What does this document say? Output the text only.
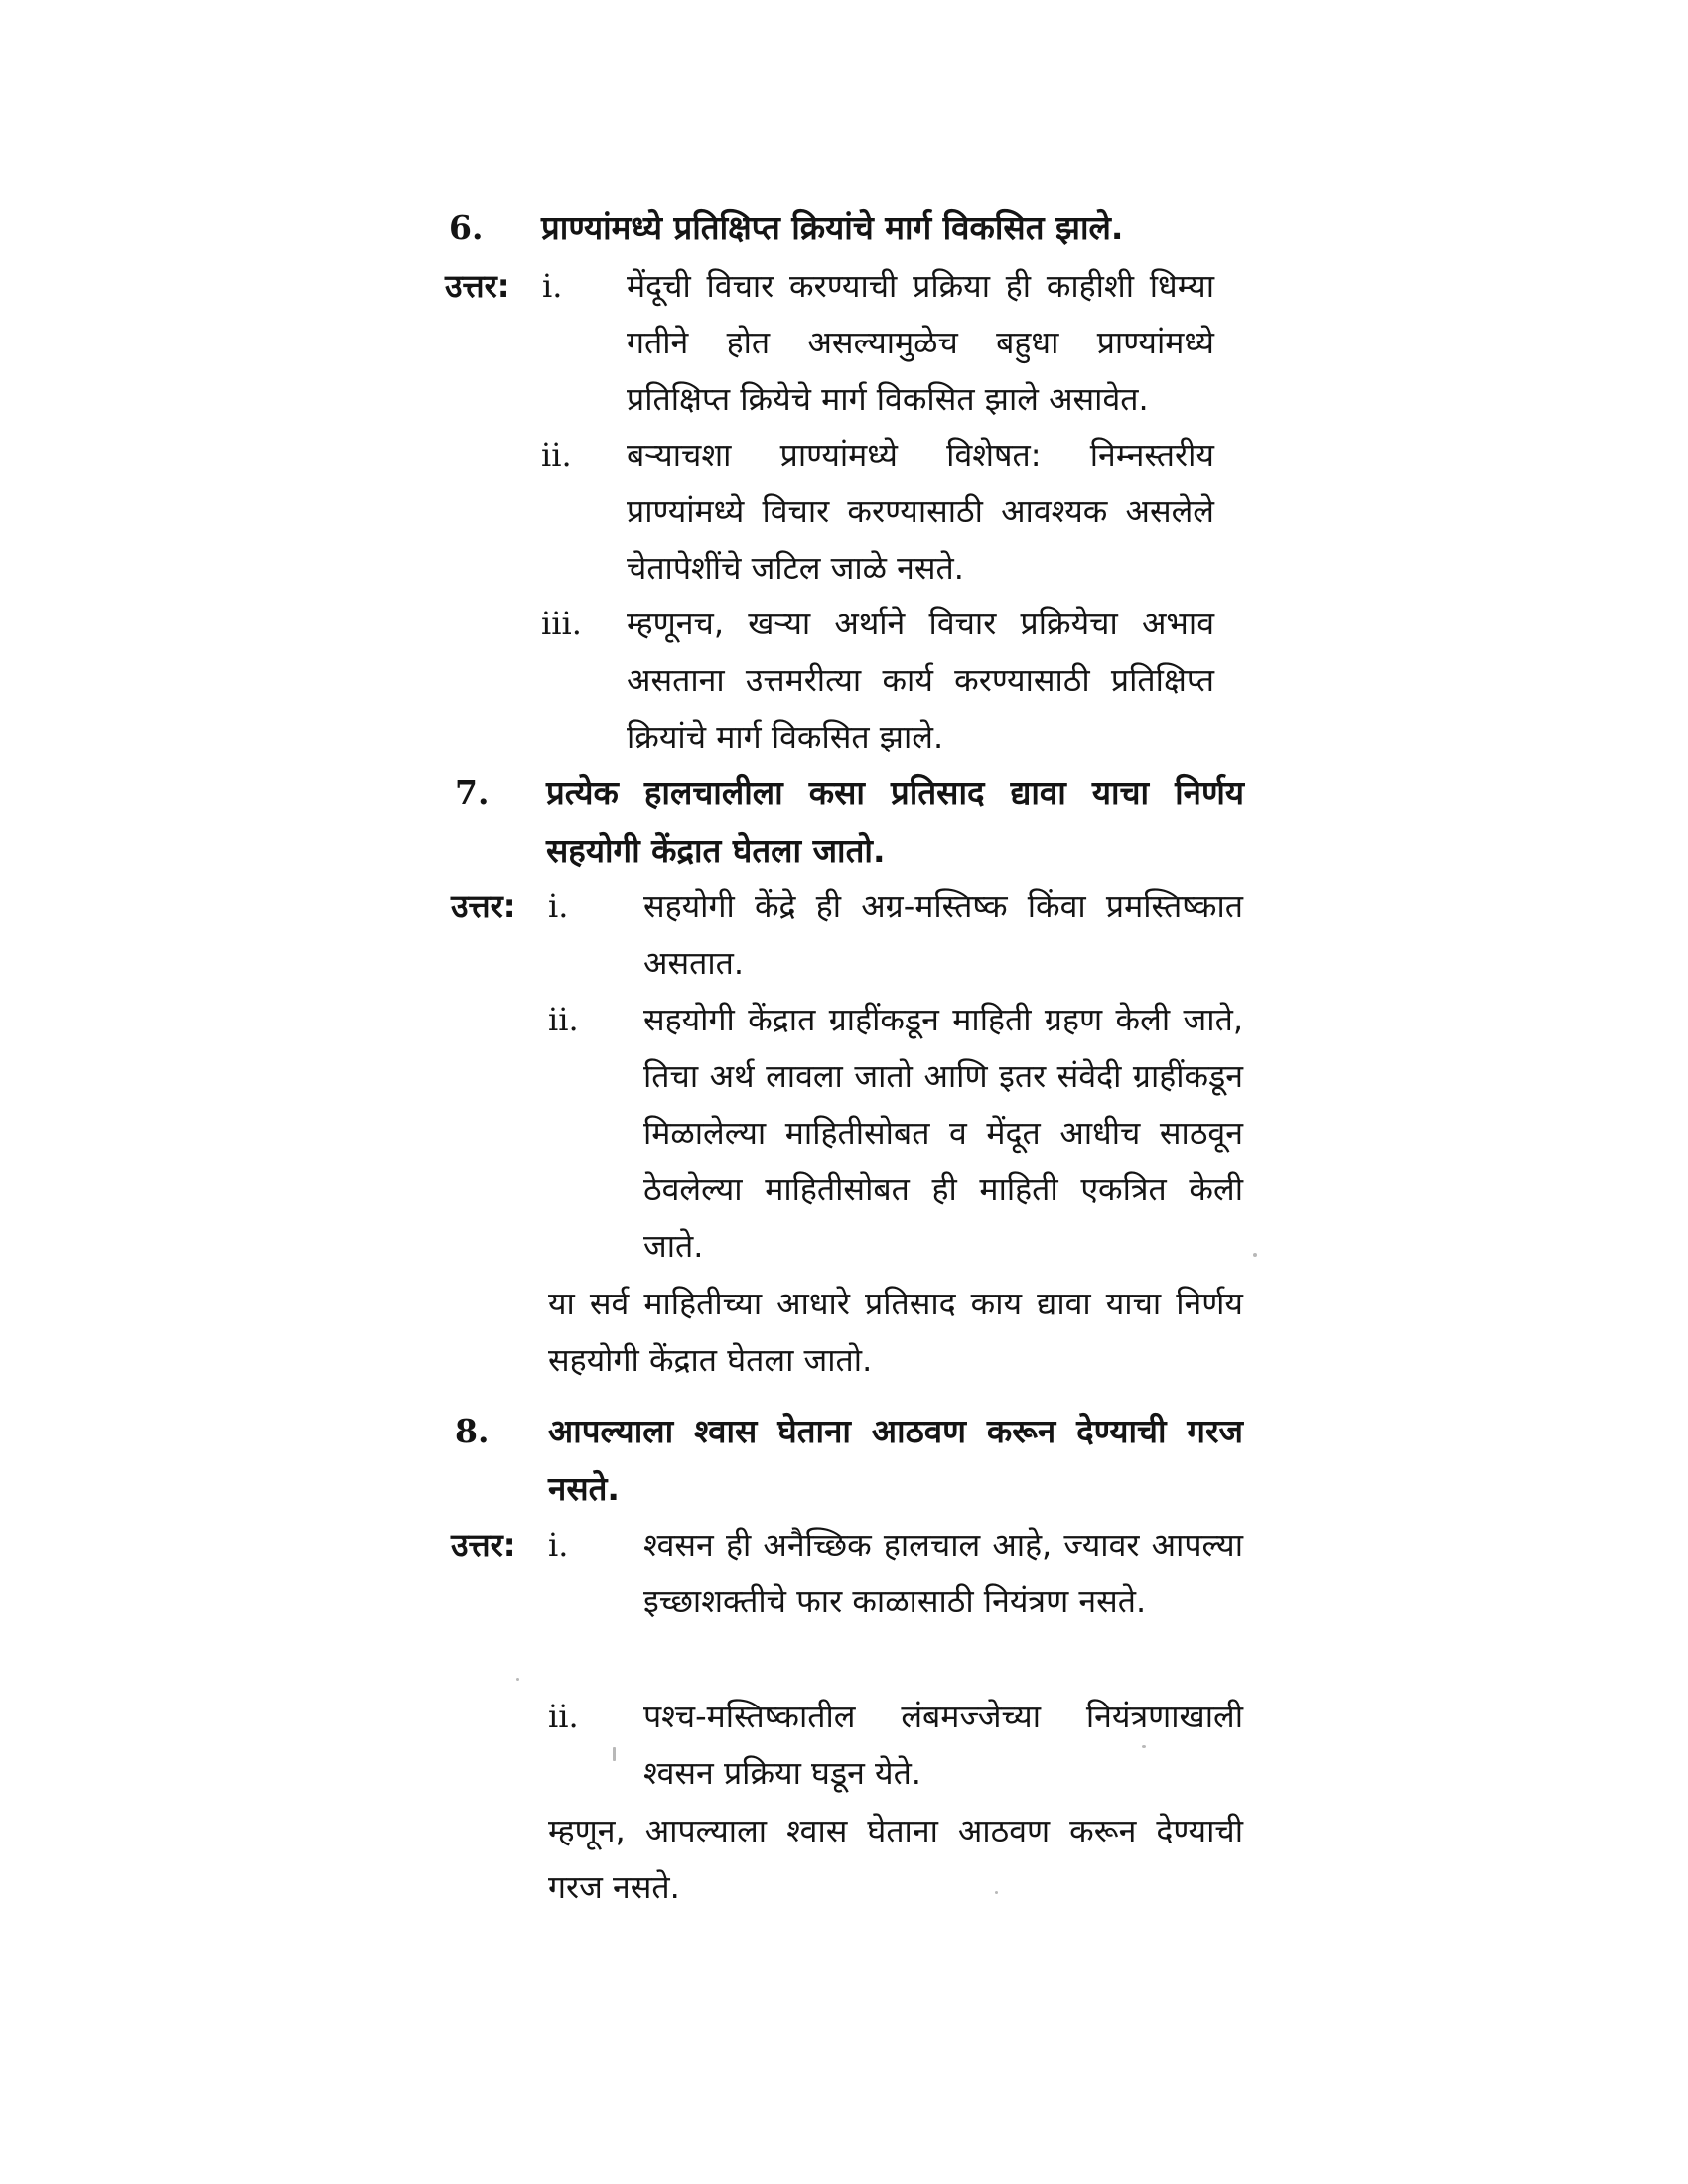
6. प्राण्यांमध्ये प्रतिक्षिप्त क्रियांचे मार्ग विकसित झाले.
उत्तर: i. मेंदूची विचार करण्याची प्रक्रिया ही काहीशी धिम्या गतीने होत असल्यामुळेच बहुधा प्राण्यांमध्ये प्रतिक्षिप्त क्रियेचे मार्ग विकसित झाले असावेत.
ii. बऱ्याचशा प्राण्यांमध्ये विशेषत: निम्नस्तरीय प्राण्यांमध्ये विचार करण्यासाठी आवश्यक असलेले चेतापेशींचे जटिल जाळे नसते.
iii. म्हणूनच, खऱ्या अर्थाने विचार प्रक्रियेचा अभाव असताना उत्तमरीत्या कार्य करण्यासाठी प्रतिक्षिप्त क्रियांचे मार्ग विकसित झाले.
7. प्रत्येक हालचालीला कसा प्रतिसाद द्यावा याचा निर्णय सहयोगी केंद्रात घेतला जातो.
उत्तर: i. सहयोगी केंद्रे ही अग्र-मस्तिष्क किंवा प्रमस्तिष्कात असतात.
ii. सहयोगी केंद्रात ग्राहींकडून माहिती ग्रहण केली जाते, तिचा अर्थ लावला जातो आणि इतर संवेदी ग्राहींकडून मिळालेल्या माहितीसोबत व मेंदूत आधीच साठवून ठेवलेल्या माहितीसोबत ही माहिती एकत्रित केली जाते.
या सर्व माहितीच्या आधारे प्रतिसाद काय द्यावा याचा निर्णय सहयोगी केंद्रात घेतला जातो.
8. आपल्याला श्वास घेताना आठवण करून देण्याची गरज नसते.
उत्तर: i. श्वसन ही अनैच्छिक हालचाल आहे, ज्यावर आपल्या इच्छाशक्तीचे फार काळासाठी नियंत्रण नसते.
ii. पश्च-मस्तिष्कातील लंबमज्जेच्या नियंत्रणाखाली श्वसन प्रक्रिया घडून येते.
म्हणून, आपल्याला श्वास घेताना आठवण करून देण्याची गरज नसते.
